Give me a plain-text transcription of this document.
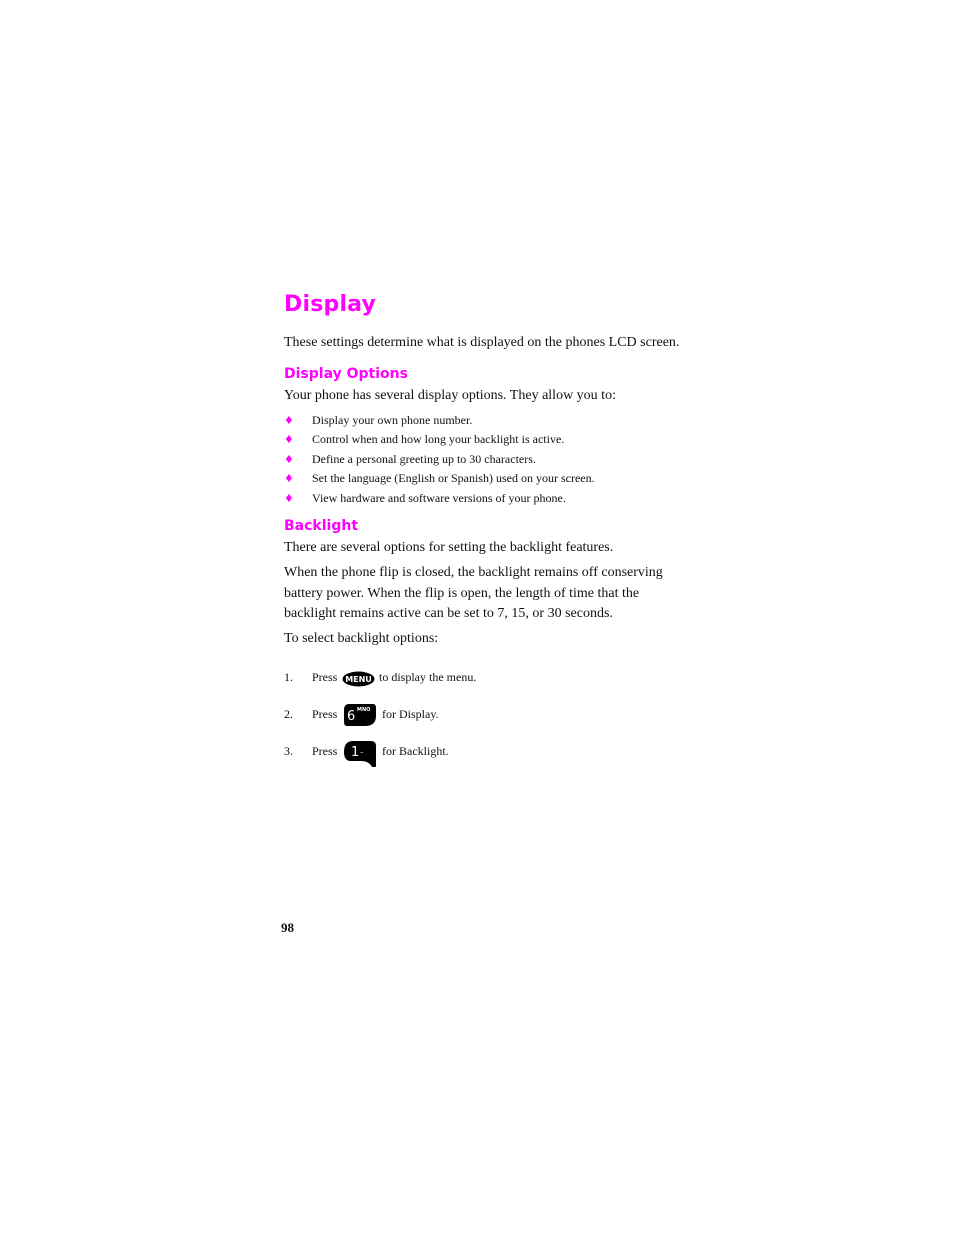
Display

These settings determine what is displayed on the phones LCD screen.

Display Options

Your phone has several display options. They allow you to:

♦ Display your own phone number.
♦ Control when and how long your backlight is active.
♦ Define a personal greeting up to 30 characters.
♦ Set the language (English or Spanish) used on your screen.
♦ View hardware and software versions of your phone.
Backlight

There are several options for setting the backlight features.

When the phone flip is closed, the backlight remains off conserving

battery power. When the flip is open, the length of time that the

backlight remains active can be set to 7, 15, or 30 seconds.

To select backlight options:

1. Press MENU to display the menu.
2. Press 6 MNO for Display.
3. Press 1 – for Backlight.
98
